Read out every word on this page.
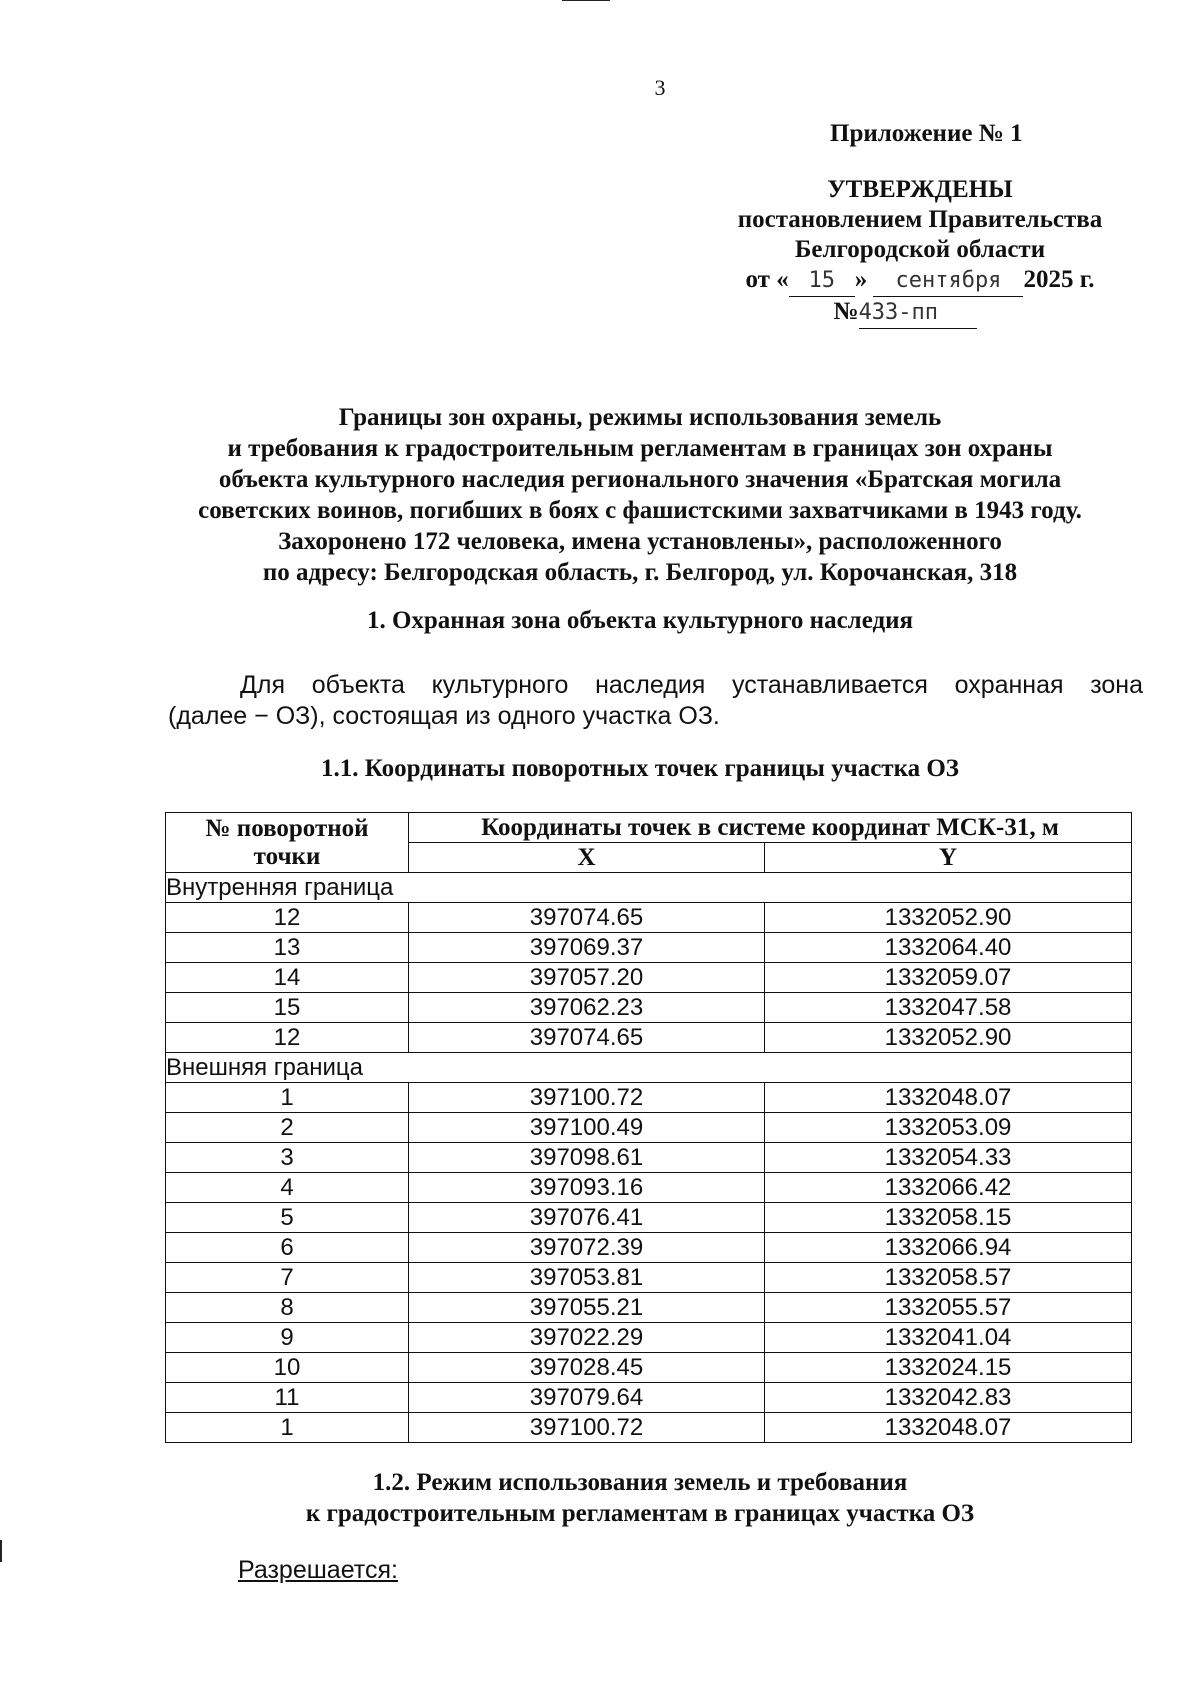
3
Приложение № 1
УТВЕРЖДЕНЫ
постановлением Правительства
Белгородской области
от « 15 » сентября 2025 г.
№433-пп
Границы зон охраны, режимы использования земель
и требования к градостроительным регламентам в границах зон охраны
объекта культурного наследия регионального значения «Братская могила
советских воинов, погибших в боях с фашистскими захватчиками в 1943 году.
Захоронено 172 человека, имена установлены», расположенного
по адресу: Белгородская область, г. Белгород, ул. Корочанская, 318
1. Охранная зона объекта культурного наследия
Для объекта культурного наследия устанавливается охранная зона
(далее − ОЗ), состоящая из одного участка ОЗ.
1.1. Координаты поворотных точек границы участка ОЗ
№ поворотной
точки	Координаты точек в системе координат МСК-31, м	
	X	Y
Внутренняя граница		
12	397074.65	1332052.90
13	397069.37	1332064.40
14	397057.20	1332059.07
15	397062.23	1332047.58
12	397074.65	1332052.90
Внешняя граница		
1	397100.72	1332048.07
2	397100.49	1332053.09
3	397098.61	1332054.33
4	397093.16	1332066.42
5	397076.41	1332058.15
6	397072.39	1332066.94
7	397053.81	1332058.57
8	397055.21	1332055.57
9	397022.29	1332041.04
10	397028.45	1332024.15
11	397079.64	1332042.83
1	397100.72	1332048.07
1.2. Режим использования земель и требования
к градостроительным регламентам в границах участка ОЗ
Разрешается:
